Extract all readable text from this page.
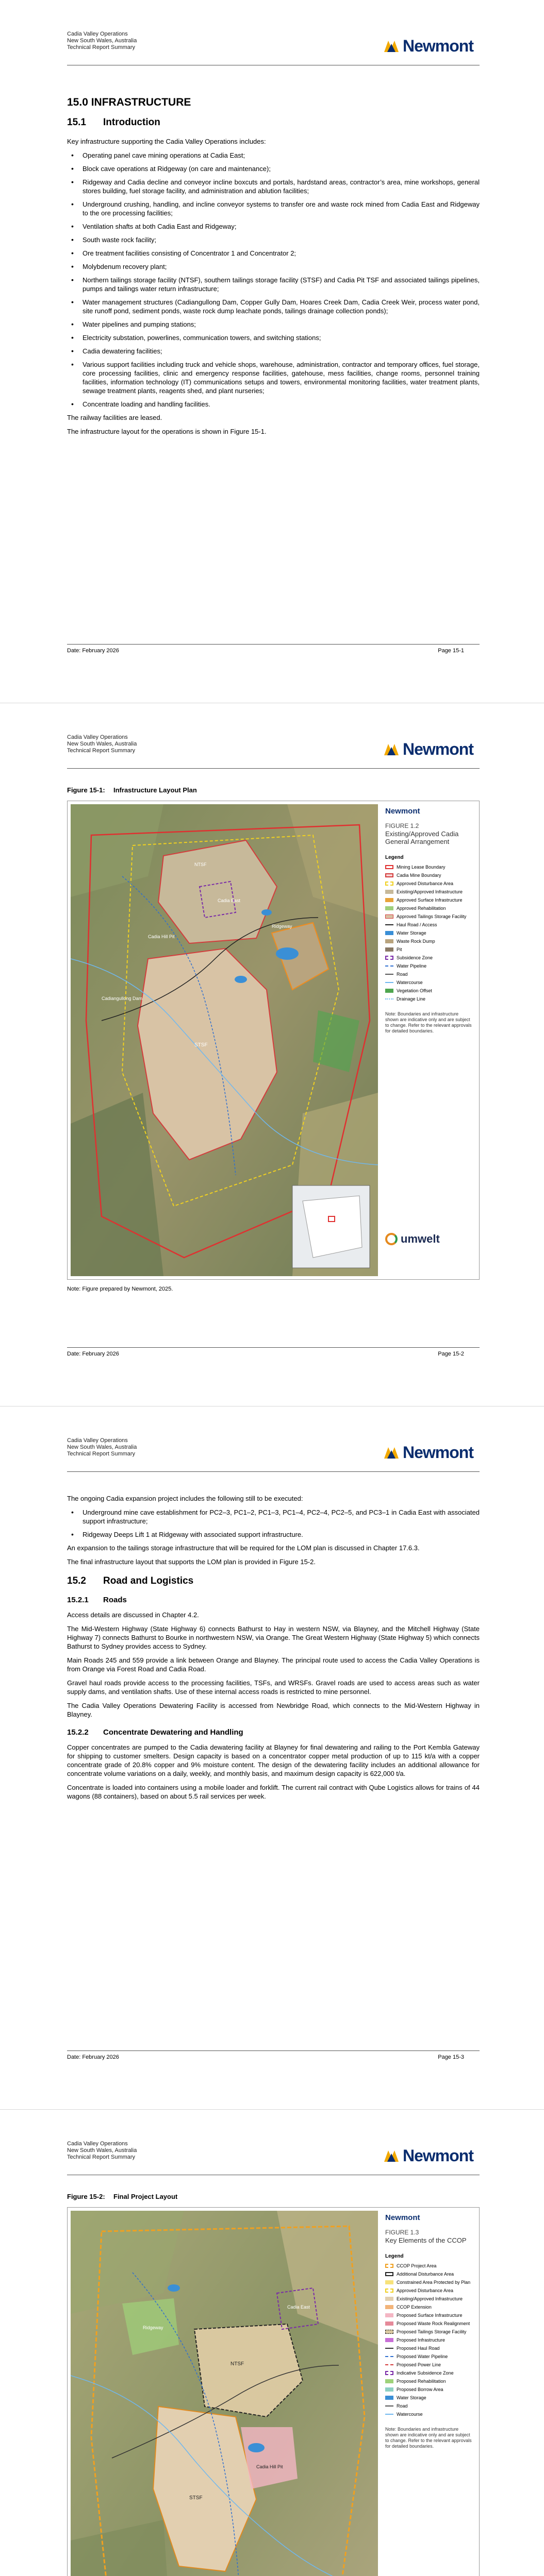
Cadia Valley Operations
New South Wales, Australia
Technical Report Summary	Newmont
15.0 INFRASTRUCTURE
15.1 Introduction

Key infrastructure supporting the Cadia Valley Operations includes:

• Operating panel cave mining operations at Cadia East;
• Block cave operations at Ridgeway (on care and maintenance);
• Ridgeway and Cadia decline and conveyor incline boxcuts and portals, hardstand areas, contractor’s area, mine workshops, general stores building, fuel storage facility, and administration and ablution facilities;
• Underground crushing, handling, and incline conveyor systems to transfer ore and waste rock mined from Cadia East and Ridgeway to the ore processing facilities;
• Ventilation shafts at both Cadia East and Ridgeway;
• South waste rock facility;
• Ore treatment facilities consisting of Concentrator 1 and Concentrator 2;
• Molybdenum recovery plant;
• Northern tailings storage facility (NTSF), southern tailings storage facility (STSF) and Cadia Pit TSF and associated tailings pipelines, pumps and tailings water return infrastructure;
• Water management structures (Cadiangullong Dam, Copper Gully Dam, Hoares Creek Dam, Cadia Creek Weir, process water pond, site runoff pond, sediment ponds, waste rock dump leachate ponds, tailings drainage collection ponds);
• Water pipelines and pumping stations;
• Electricity substation, powerlines, communication towers, and switching stations;
• Cadia dewatering facilities;
• Various support facilities including truck and vehicle shops, warehouse, administration, contractor and temporary offices, fuel storage, core processing facilities, clinic and emergency response facilities, gatehouse, mess facilities, change rooms, personnel training facilities, information technology (IT) communications setups and towers, environmental monitoring facilities, water treatment plants, sewage treatment plants, reagents shed, and plant nurseries;
• Concentrate loading and handling facilities.

The railway facilities are leased.

The infrastructure layout for the operations is shown in Figure 15-1.

Date: February 2026	Page 15-1
Cadia Valley Operations
New South Wales, Australia
Technical Report Summary	Newmont
Figure 15-1: Infrastructure Layout Plan
Cadia East
NTSF
STSF
Ridgeway
Cadia Hill Pit
Cadiangullong Dam
Newmont
FIGURE 1.2
Existing/Approved Cadia General Arrangement
Legend
Mining Lease Boundary
Cadia Mine Boundary
Approved Disturbance Area
Existing/Approved Infrastructure
Approved Surface Infrastructure
Approved Rehabilitation
Approved Tailings Storage Facility
Haul Road / Access
Water Storage
Waste Rock Dump
Pit
Subsidence Zone
Water Pipeline
Road
Watercourse
Vegetation Offset
Drainage Line
Note: Boundaries and infrastructure shown are indicative only and are subject to change. Refer to the relevant approvals for detailed boundaries.
umwelt
Note: Figure prepared by Newmont, 2025.
Date: February 2026	Page 15-2
Cadia Valley Operations
New South Wales, Australia
Technical Report Summary	Newmont

The ongoing Cadia expansion project includes the following still to be executed:

• Underground mine cave establishment for PC2–3, PC1–2, PC1–3, PC1–4, PC2–4, PC2–5, and PC3–1 in Cadia East with associated support infrastructure;
• Ridgeway Deeps Lift 1 at Ridgeway with associated support infrastructure.

An expansion to the tailings storage infrastructure that will be required for the LOM plan is discussed in Chapter 17.6.3.

The final infrastructure layout that supports the LOM plan is provided in Figure 15-2.

15.2 Road and Logistics
15.2.1 Roads

Access details are discussed in Chapter 4.2.

The Mid-Western Highway (State Highway 6) connects Bathurst to Hay in western NSW, via Blayney, and the Mitchell Highway (State Highway 7) connects Bathurst to Bourke in northwestern NSW, via Orange. The Great Western Highway (State Highway 5) which connects Bathurst to Sydney provides access to Sydney.

Main Roads 245 and 559 provide a link between Orange and Blayney. The principal route used to access the Cadia Valley Operations is from Orange via Forest Road and Cadia Road.

Gravel haul roads provide access to the processing facilities, TSFs, and WRSFs. Gravel roads are used to access areas such as water supply dams, and ventilation shafts. Use of these internal access roads is restricted to mine personnel.

The Cadia Valley Operations Dewatering Facility is accessed from Newbridge Road, which connects to the Mid-Western Highway in Blayney.

15.2.2 Concentrate Dewatering and Handling

Copper concentrates are pumped to the Cadia dewatering facility at Blayney for final dewatering and railing to the Port Kembla Gateway for shipping to customer smelters. Design capacity is based on a concentrator copper metal production of up to 115 kt/a with a copper concentrate grade of 20.8% copper and 9% moisture content. The design of the dewatering facility includes an additional allowance for concentrate volume variations on a daily, weekly, and monthly basis, and maximum design capacity is 622,000 t/a.

Concentrate is loaded into containers using a mobile loader and forklift. The current rail contract with Qube Logistics allows for trains of 44 wagons (88 containers), based on about 5.5 rail services per week.

Date: February 2026	Page 15-3
Cadia Valley Operations
New South Wales, Australia
Technical Report Summary	Newmont
Figure 15-2: Final Project Layout
Cadia East
Ridgeway
NTSF
STSF
Cadia Hill Pit
Newmont
FIGURE 1.3
Key Elements of the CCOP
Legend
CCOP Project Area
Additional Disturbance Area
Constrained Area Protected by Plan
Approved Disturbance Area
Existing/Approved Infrastructure
CCOP Extension
Proposed Surface Infrastructure
Proposed Waste Rock Realignment
Proposed Tailings Storage Facility
Proposed Infrastructure
Proposed Haul Road
Proposed Water Pipeline
Proposed Power Line
Indicative Subsidence Zone
Proposed Rehabilitation
Proposed Borrow Area
Water Storage
Road
Watercourse
Note: Boundaries and infrastructure shown are indicative only and are subject to change. Refer to the relevant approvals for detailed boundaries.
